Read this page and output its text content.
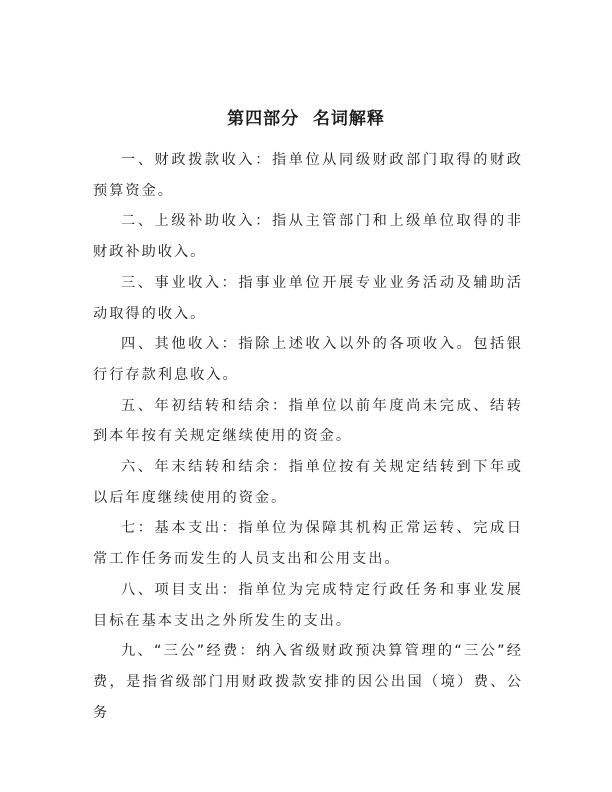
第四部分  名词解释

一、财政拨款收入：指单位从同级财政部门取得的财政预算资金。

二、上级补助收入：指从主管部门和上级单位取得的非财政补助收入。

三、事业收入：指事业单位开展专业业务活动及辅助活动取得的收入。

四、其他收入：指除上述收入以外的各项收入。包括银行行存款利息收入。

五、年初结转和结余：指单位以前年度尚未完成、结转到本年按有关规定继续使用的资金。

六、年末结转和结余：指单位按有关规定结转到下年或以后年度继续使用的资金。

七：基本支出：指单位为保障其机构正常运转、完成日常工作任务而发生的人员支出和公用支出。

八、项目支出：指单位为完成特定行政任务和事业发展目标在基本支出之外所发生的支出。

九、“三公”经费：纳入省级财政预决算管理的“三公”经费，是指省级部门用财政拨款安排的因公出国（境）费、公务
